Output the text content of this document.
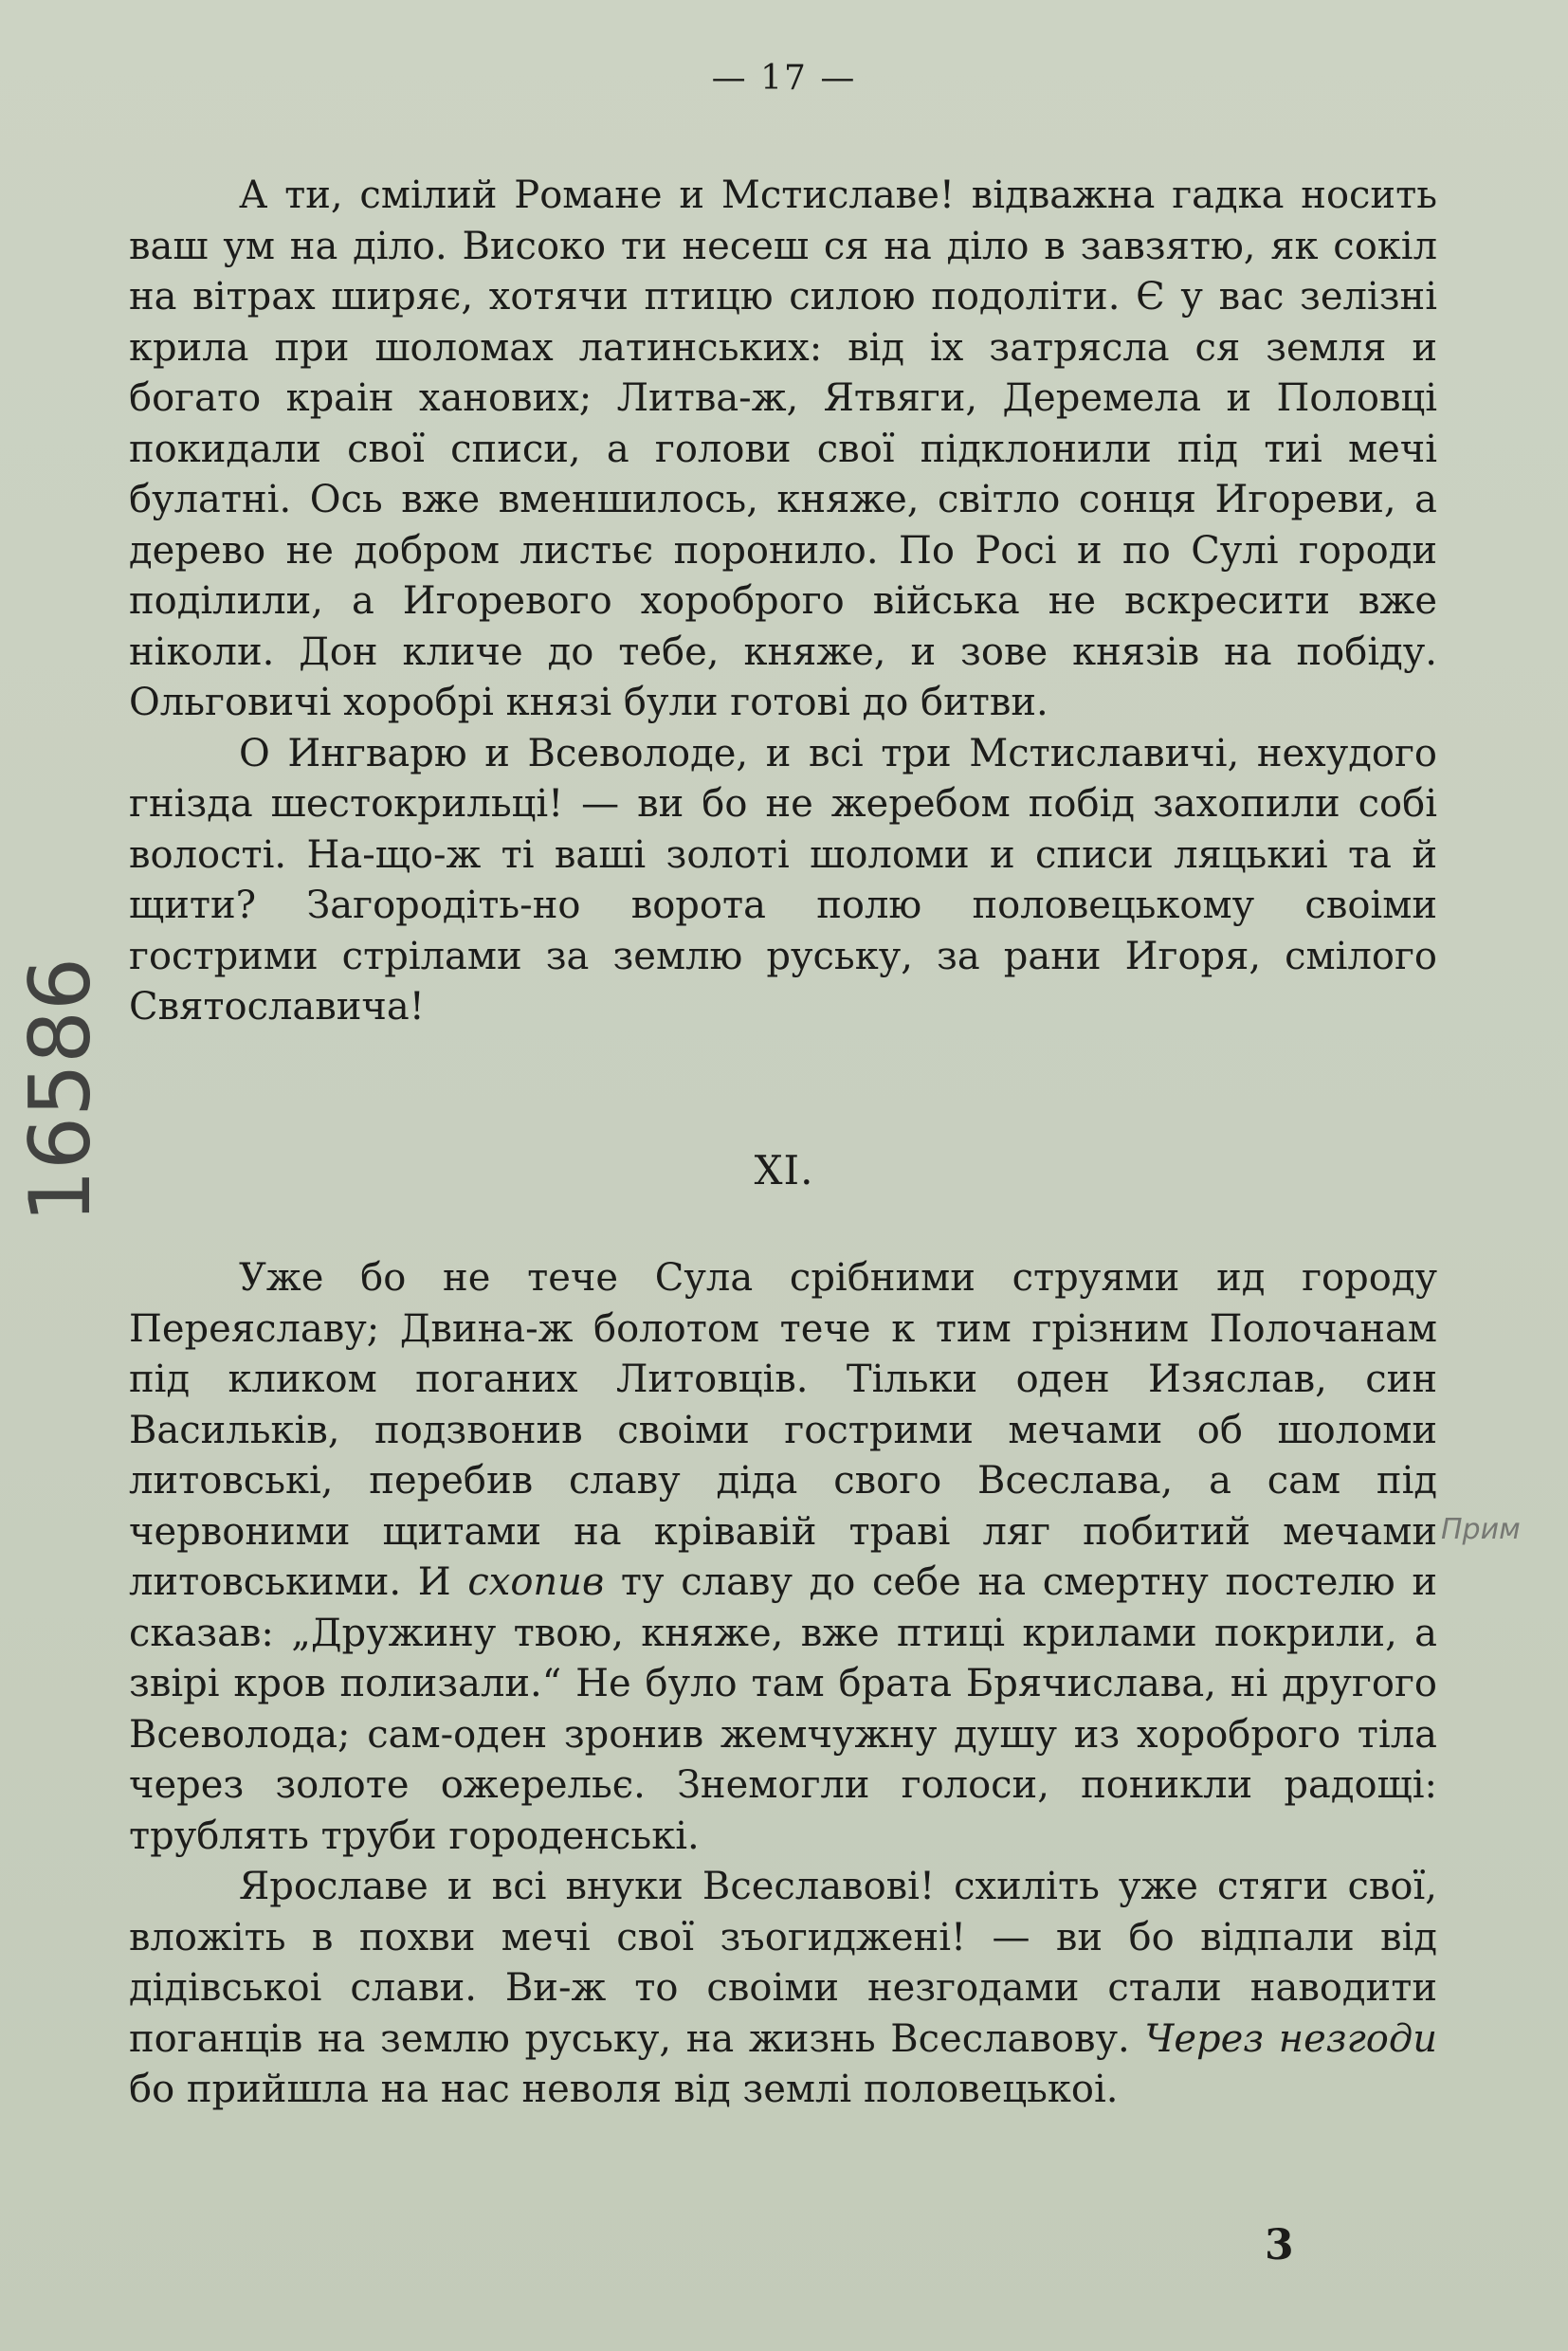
— 17 —

А ти, смілий Романе и Мстиславе! відважна гадка носить ваш ум на діло. Високо ти несеш ся на діло в завзятю, як сокіл на вітрах ширяє, хотячи птицю силою подоліти. Є у вас зелізні крила при шоломах латинських: від іх затрясла ся земля и богато краін ханових; Литва-ж, Ятвяги, Деремела и Половці покидали свої списи, а голови свої підклонили під тиі мечі булатні. Ось вже вменшилось, княже, світло сонця Игореви, а дерево не добром листьє поронило. По Росі и по Сулі городи поділили, а Игоревого хороброго війська не вскресити вже ніколи. Дон кличе до тебе, княже, и зове князів на побіду. Ольговичі хоробрі князі були готові до битви.

О Ингварю и Всеволоде, и всі три Мстиславичі, нехудого гнізда шестокрильці! — ви бо не жеребом побід захопили собі волості. На-що-ж ті ваші золоті шоломи и списи ляцькиі та й щити? Загородіть-но ворота полю половецькому своіми гострими стрілами за землю руську, за рани Игоря, смілого Святославича!

XI.

Уже бо не тече Сула срібними струями ид городу Переяславу; Двина-ж болотом тече к тим грізним Полочанам під кликом поганих Литовців. Тільки оден Изяслав, син Васильків, подзвонив своіми гострими мечами об шоломи литовські, перебив славу діда свого Всеслава, а сам під червоними щитами на крівавій траві ляг побитий мечами литовськими. И схопив ту славу до себе на смертну постелю и сказав: „Дружину твою, княже, вже птиці крилами покрили, а звірі кров полизали.“ Не було там брата Брячислава, ні другого Всеволода; сам-оден зронив жемчужну душу из хороброго тіла через золоте ожерельє. Знемогли голоси, поникли радощі: трублять труби городенські.

Ярославе и всі внуки Всеславові! схиліть уже стяги свої, вложіть в похви мечі свої зъогиджені! — ви бо відпали від дідівськоі слави. Ви-ж то своіми незгодами стали наводити поганців на землю руську, на жизнь Всеславову. Через незгоди бо прийшла на нас неволя від землі половецькоі.

3
16586
Прим
